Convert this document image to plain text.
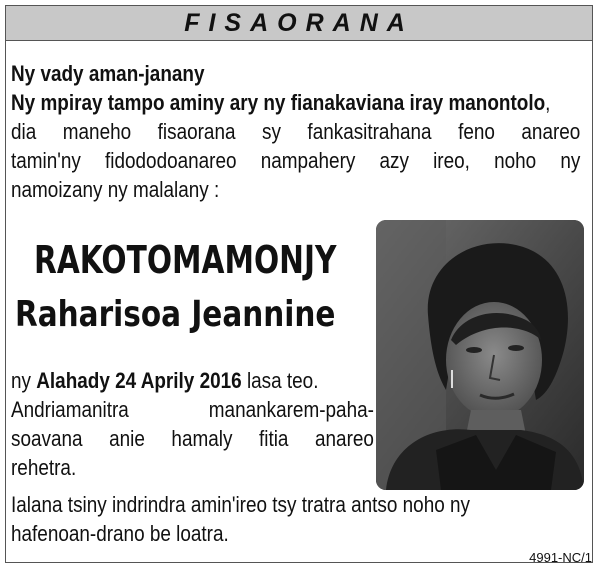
FISAORANA
Ny vady aman-janany
Ny mpiray tampo aminy ary ny fianakaviana iray manontolo,

dia maneho fisaorana sy fankasitrahana feno anareo

tamin'ny fidododoanareo nampahery azy ireo, noho ny

namoizany ny malalany :

RAKOTOMAMONJY
Raharisoa Jeannine
ny Alahady 24 Aprily 2016 lasa teo.

Andriamanitra manankarem-paha-

soavana anie hamaly fitia anareo

rehetra.

Ialana tsiny indrindra amin'ireo tsy tratra antso noho ny
hafenoan-drano be loatra.
4991-NC/1
